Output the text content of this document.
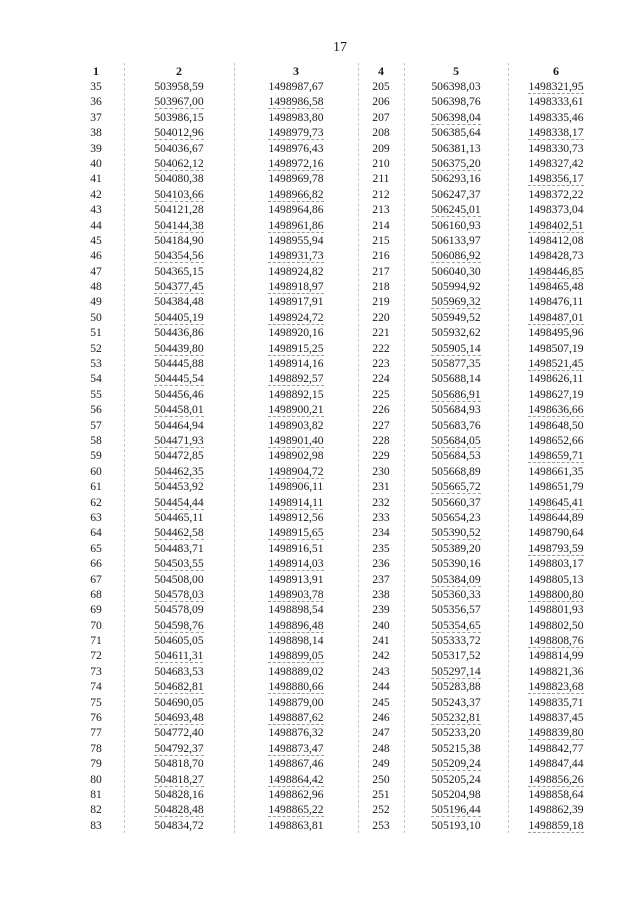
17
1	2	3	4	5	6
35	503958,59	1498987,67	205	506398,03	1498321,95
36	503967,00	1498986,58	206	506398,76	1498333,61
37	503986,15	1498983,80	207	506398,04	1498335,46
38	504012,96	1498979,73	208	506385,64	1498338,17
39	504036,67	1498976,43	209	506381,13	1498330,73
40	504062,12	1498972,16	210	506375,20	1498327,42
41	504080,38	1498969,78	211	506293,16	1498356,17
42	504103,66	1498966,82	212	506247,37	1498372,22
43	504121,28	1498964,86	213	506245,01	1498373,04
44	504144,38	1498961,86	214	506160,93	1498402,51
45	504184,90	1498955,94	215	506133,97	1498412,08
46	504354,56	1498931,73	216	506086,92	1498428,73
47	504365,15	1498924,82	217	506040,30	1498446,85
48	504377,45	1498918,97	218	505994,92	1498465,48
49	504384,48	1498917,91	219	505969,32	1498476,11
50	504405,19	1498924,72	220	505949,52	1498487,01
51	504436,86	1498920,16	221	505932,62	1498495,96
52	504439,80	1498915,25	222	505905,14	1498507,19
53	504445,88	1498914,16	223	505877,35	1498521,45
54	504445,54	1498892,57	224	505688,14	1498626,11
55	504456,46	1498892,15	225	505686,91	1498627,19
56	504458,01	1498900,21	226	505684,93	1498636,66
57	504464,94	1498903,82	227	505683,76	1498648,50
58	504471,93	1498901,40	228	505684,05	1498652,66
59	504472,85	1498902,98	229	505684,53	1498659,71
60	504462,35	1498904,72	230	505668,89	1498661,35
61	504453,92	1498906,11	231	505665,72	1498651,79
62	504454,44	1498914,11	232	505660,37	1498645,41
63	504465,11	1498912,56	233	505654,23	1498644,89
64	504462,58	1498915,65	234	505390,52	1498790,64
65	504483,71	1498916,51	235	505389,20	1498793,59
66	504503,55	1498914,03	236	505390,16	1498803,17
67	504508,00	1498913,91	237	505384,09	1498805,13
68	504578,03	1498903,78	238	505360,33	1498800,80
69	504578,09	1498898,54	239	505356,57	1498801,93
70	504598,76	1498896,48	240	505354,65	1498802,50
71	504605,05	1498898,14	241	505333,72	1498808,76
72	504611,31	1498899,05	242	505317,52	1498814,99
73	504683,53	1498889,02	243	505297,14	1498821,36
74	504682,81	1498880,66	244	505283,88	1498823,68
75	504690,05	1498879,00	245	505243,37	1498835,71
76	504693,48	1498887,62	246	505232,81	1498837,45
77	504772,40	1498876,32	247	505233,20	1498839,80
78	504792,37	1498873,47	248	505215,38	1498842,77
79	504818,70	1498867,46	249	505209,24	1498847,44
80	504818,27	1498864,42	250	505205,24	1498856,26
81	504828,16	1498862,96	251	505204,98	1498858,64
82	504828,48	1498865,22	252	505196,44	1498862,39
83	504834,72	1498863,81	253	505193,10	1498859,18
